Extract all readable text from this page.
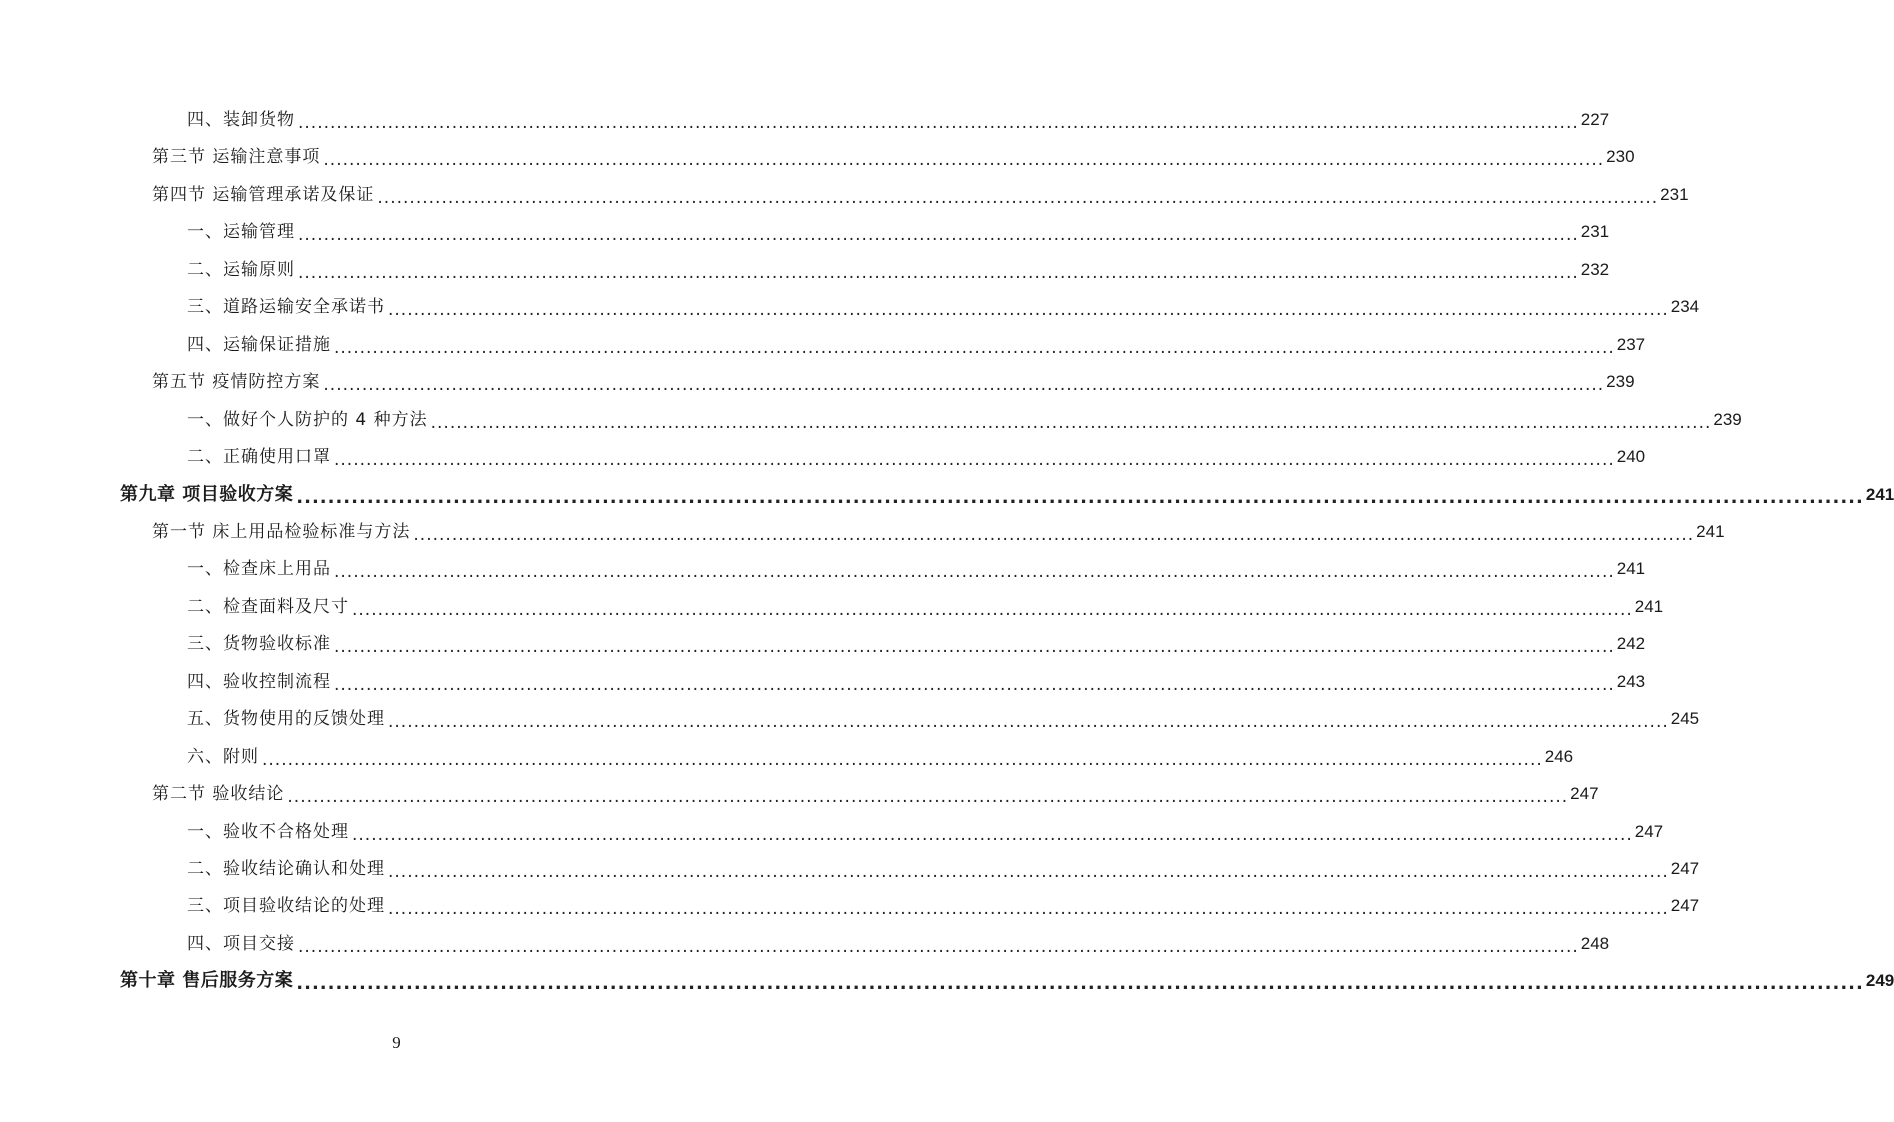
四、装卸货物 ........................................................................................................................................................................................................ 227
第三节 运输注意事项 ........................................................................................................................................................................................................ 230
第四节 运输管理承诺及保证 ........................................................................................................................................................................................................ 231
一、运输管理 ........................................................................................................................................................................................................ 231
二、运输原则 ........................................................................................................................................................................................................ 232
三、道路运输安全承诺书 ........................................................................................................................................................................................................ 234
四、运输保证措施 ........................................................................................................................................................................................................ 237
第五节 疫情防控方案 ........................................................................................................................................................................................................ 239
一、做好个人防护的 4 种方法 ........................................................................................................................................................................................................ 239
二、正确使用口罩 ........................................................................................................................................................................................................ 240
第九章 项目验收方案 ........................................................................................................................................................................................................ 241
第一节 床上用品检验标准与方法 ........................................................................................................................................................................................................ 241
一、检查床上用品 ........................................................................................................................................................................................................ 241
二、检查面料及尺寸 ........................................................................................................................................................................................................ 241
三、货物验收标准 ........................................................................................................................................................................................................ 242
四、验收控制流程 ........................................................................................................................................................................................................ 243
五、货物使用的反馈处理 ........................................................................................................................................................................................................ 245
六、附则 ........................................................................................................................................................................................................ 246
第二节 验收结论 ........................................................................................................................................................................................................ 247
一、验收不合格处理 ........................................................................................................................................................................................................ 247
二、验收结论确认和处理 ........................................................................................................................................................................................................ 247
三、项目验收结论的处理 ........................................................................................................................................................................................................ 247
四、项目交接 ........................................................................................................................................................................................................ 248
第十章 售后服务方案 ........................................................................................................................................................................................................ 249
9
